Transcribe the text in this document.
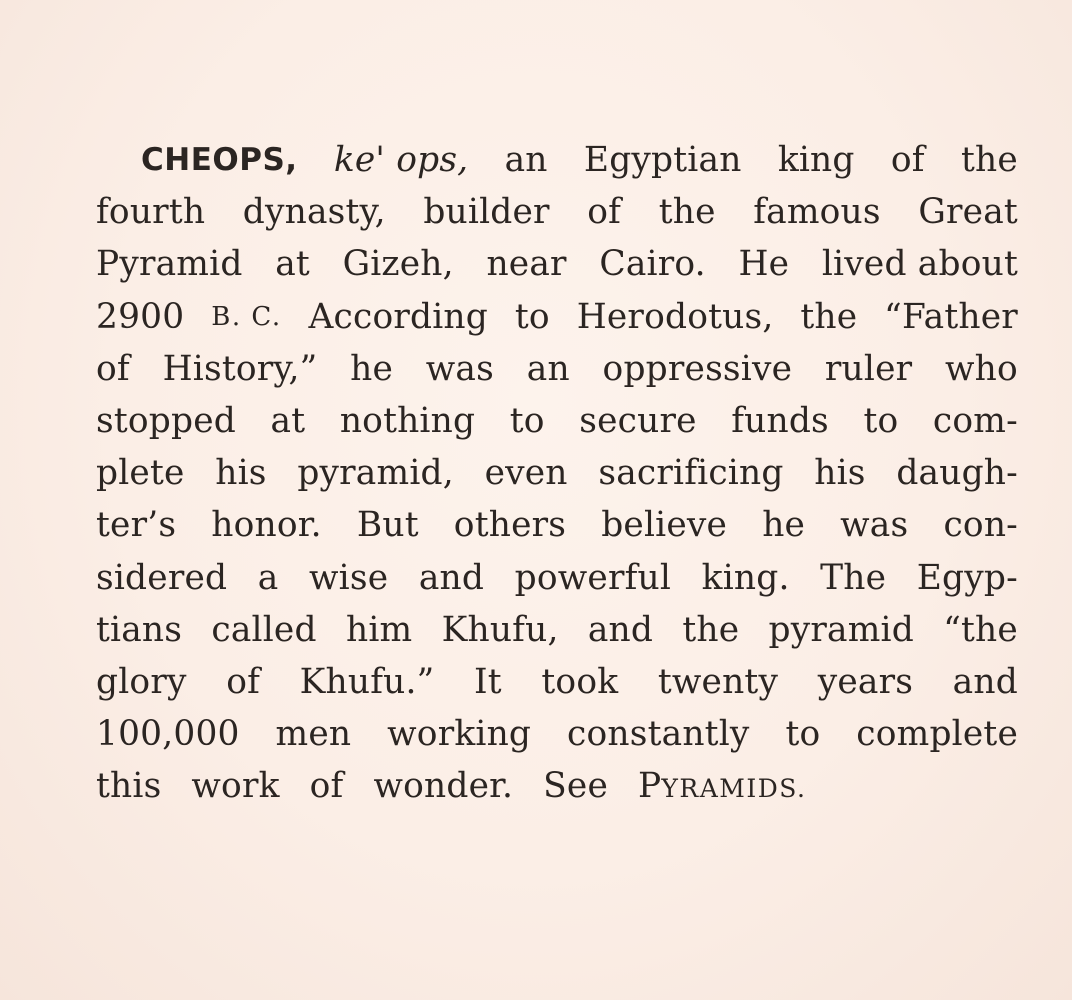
CHEOPS, ke' ops, an Egyptian king of the
fourth dynasty, builder of the famous Great
Pyramid at Gizeh, near Cairo. He lived about
2900 B. C. According to Herodotus, the “Father
of History,” he was an oppressive ruler who
stopped at nothing to secure funds to com-
plete his pyramid, even sacrificing his daugh-
ter’s honor. But others believe he was con-
sidered a wise and powerful king. The Egyp-
tians called him Khufu, and the pyramid “the
glory of Khufu.” It took twenty years and
100,000 men working constantly to complete
this work of wonder. See PYRAMIDS.
